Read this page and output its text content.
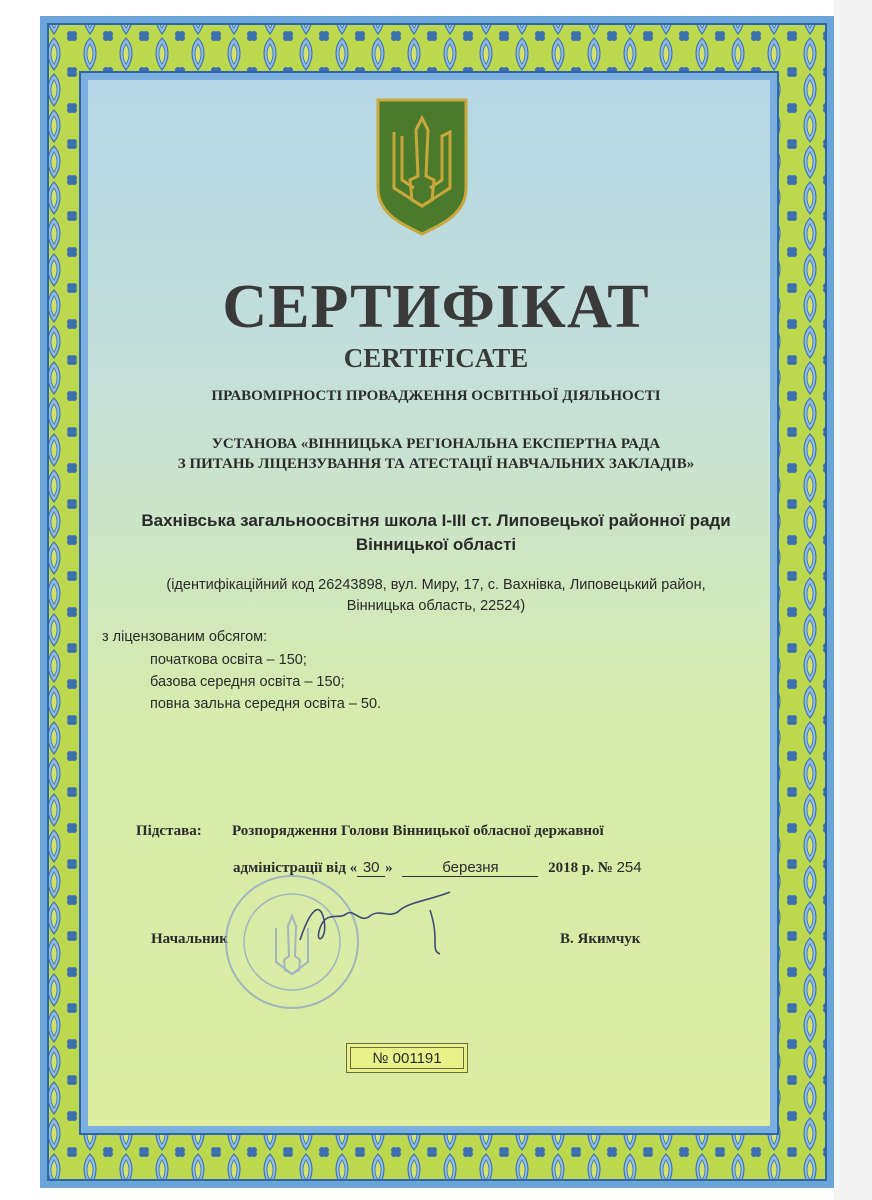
СЕРТИФІКАТ
CERTIFICATE
ПРАВОМІРНОСТІ ПРОВАДЖЕННЯ ОСВІТНЬОЇ ДІЯЛЬНОСТІ
УСТАНОВА «ВІННИЦЬКА РЕГІОНАЛЬНА ЕКСПЕРТНА РАДА
З ПИТАНЬ ЛІЦЕНЗУВАННЯ ТА АТЕСТАЦІЇ НАВЧАЛЬНИХ ЗАКЛАДІВ»
Вахнівська загальноосвітня школа І-ІІІ ст. Липовецької районної ради
Вінницької області
(ідентифікаційний код 26243898, вул. Миру, 17, с. Вахнівка, Липовецький район,
Вінницька область, 22524)
з ліцензованим обсягом:
початкова освіта – 150;
базова середня освіта – 150;
повна зальна середня освіта – 50.
Підстава: Розпорядження Голови Вінницької обласної державної
адміністрації від « 30 »	березня	2018 р. № 254
Начальник	В. Якимчук
№ 001191
